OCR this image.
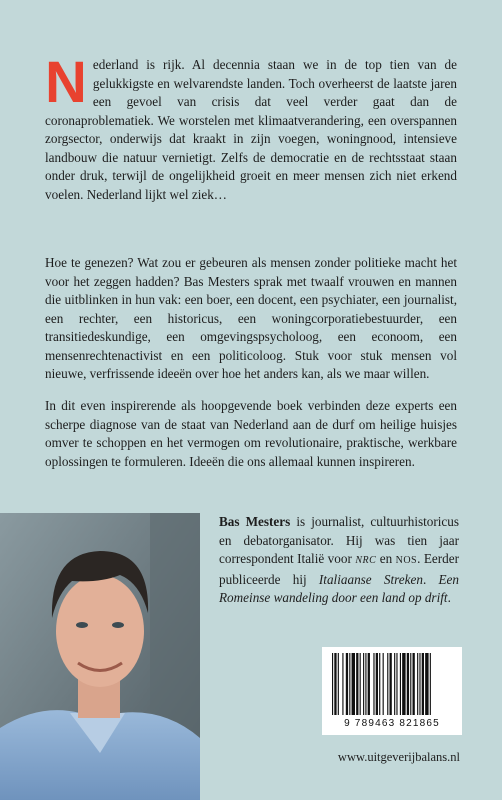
Nederland is rijk. Al decennia staan we in de top tien van de gelukkigste en welvarendste landen. Toch overheerst de laatste jaren een gevoel van crisis dat veel verder gaat dan de coronaproblematiek. We worstelen met klimaatverandering, een overspannen zorgsector, onderwijs dat kraakt in zijn voegen, woningnood, intensieve landbouw die natuur vernietigt. Zelfs de democratie en de rechtsstaat staan onder druk, terwijl de ongelijkheid groeit en meer mensen zich niet erkend voelen. Nederland lijkt wel ziek…

Hoe te genezen? Wat zou er gebeuren als mensen zonder politieke macht het voor het zeggen hadden? Bas Mesters sprak met twaalf vrouwen en mannen die uitblinken in hun vak: een boer, een docent, een psychiater, een journalist, een rechter, een historicus, een woningcorporatiebestuurder, een transitiedeskundige, een omgevingspsycholoog, een econoom, een mensenrechtenactivist en een politicoloog. Stuk voor stuk mensen vol nieuwe, verfrissende ideeën over hoe het anders kan, als we maar willen.

In dit even inspirerende als hoopgevende boek verbinden deze experts een scherpe diagnose van de staat van Nederland aan de durf om heilige huisjes omver te schoppen en het vermogen om revolutionaire, praktische, werkbare oplossingen te formuleren. Ideeën die ons allemaal kunnen inspireren.

Bas Mesters is journalist, cultuurhistoricus en debatorganisator. Hij was tien jaar correspondent Italië voor NRC en NOS. Eerder publiceerde hij Italiaanse Streken. Een Romeinse wandeling door een land op drift.

9 789463 821865
www.uitgeverijbalans.nl
